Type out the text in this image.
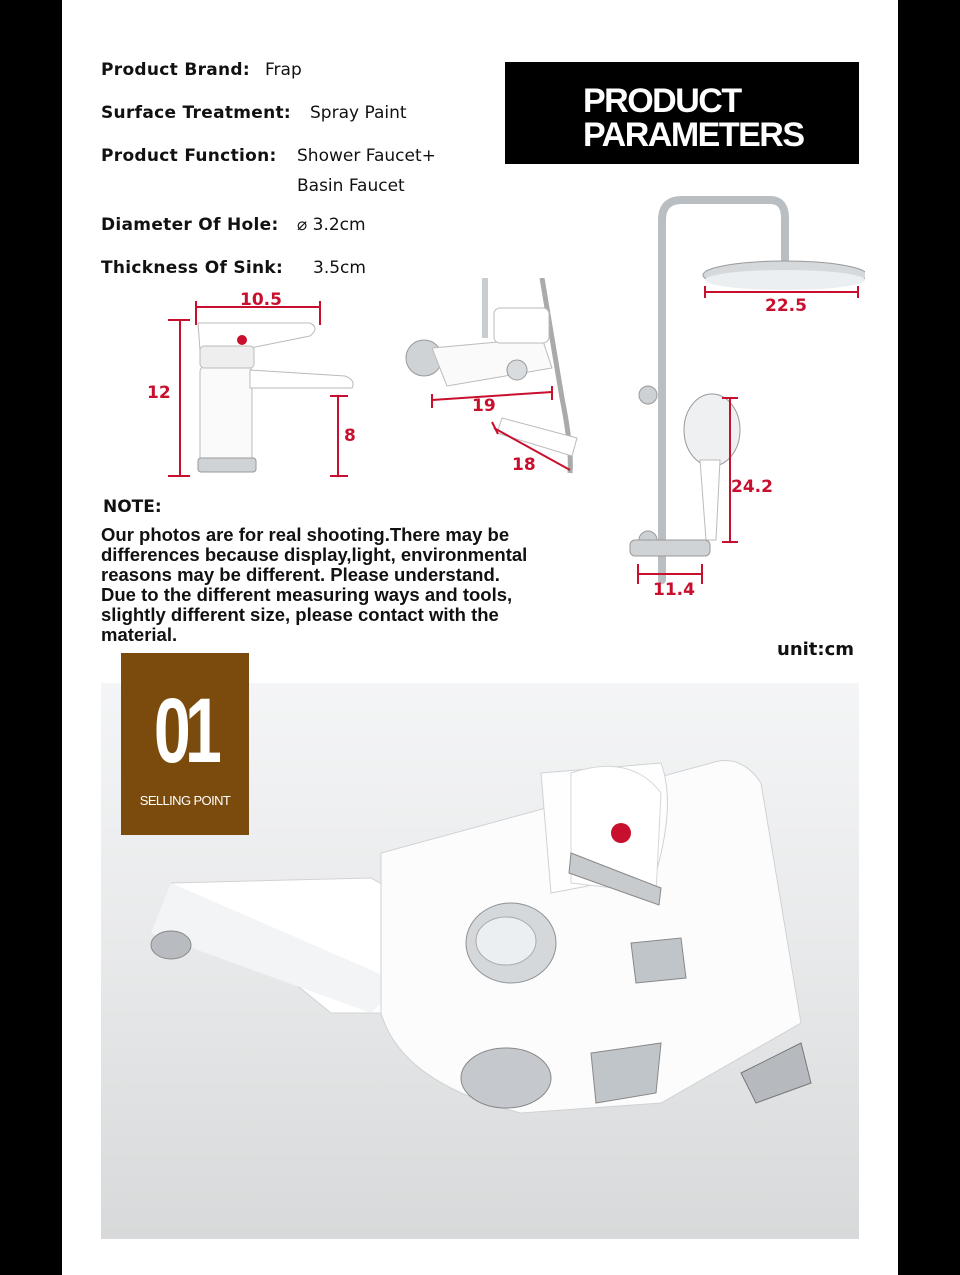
Product Brand: Frap
Surface Treatment: Spray Paint
Product Function: Shower Faucet+
Basin Faucet
Diameter Of Hole: ⌀ 3.2cm
Thickness Of Sink: 3.5cm
PRODUCT
PARAMETERS
10.5
12
8
19
18
22.5
24.2
11.4
NOTE:
Our photos are for real shooting.There may be
differences because display,light, environmental
reasons may be different. Please understand.
Due to the different measuring ways and tools,
slightly different size, please contact with the
material.
unit:cm
01
SELLING POINT
